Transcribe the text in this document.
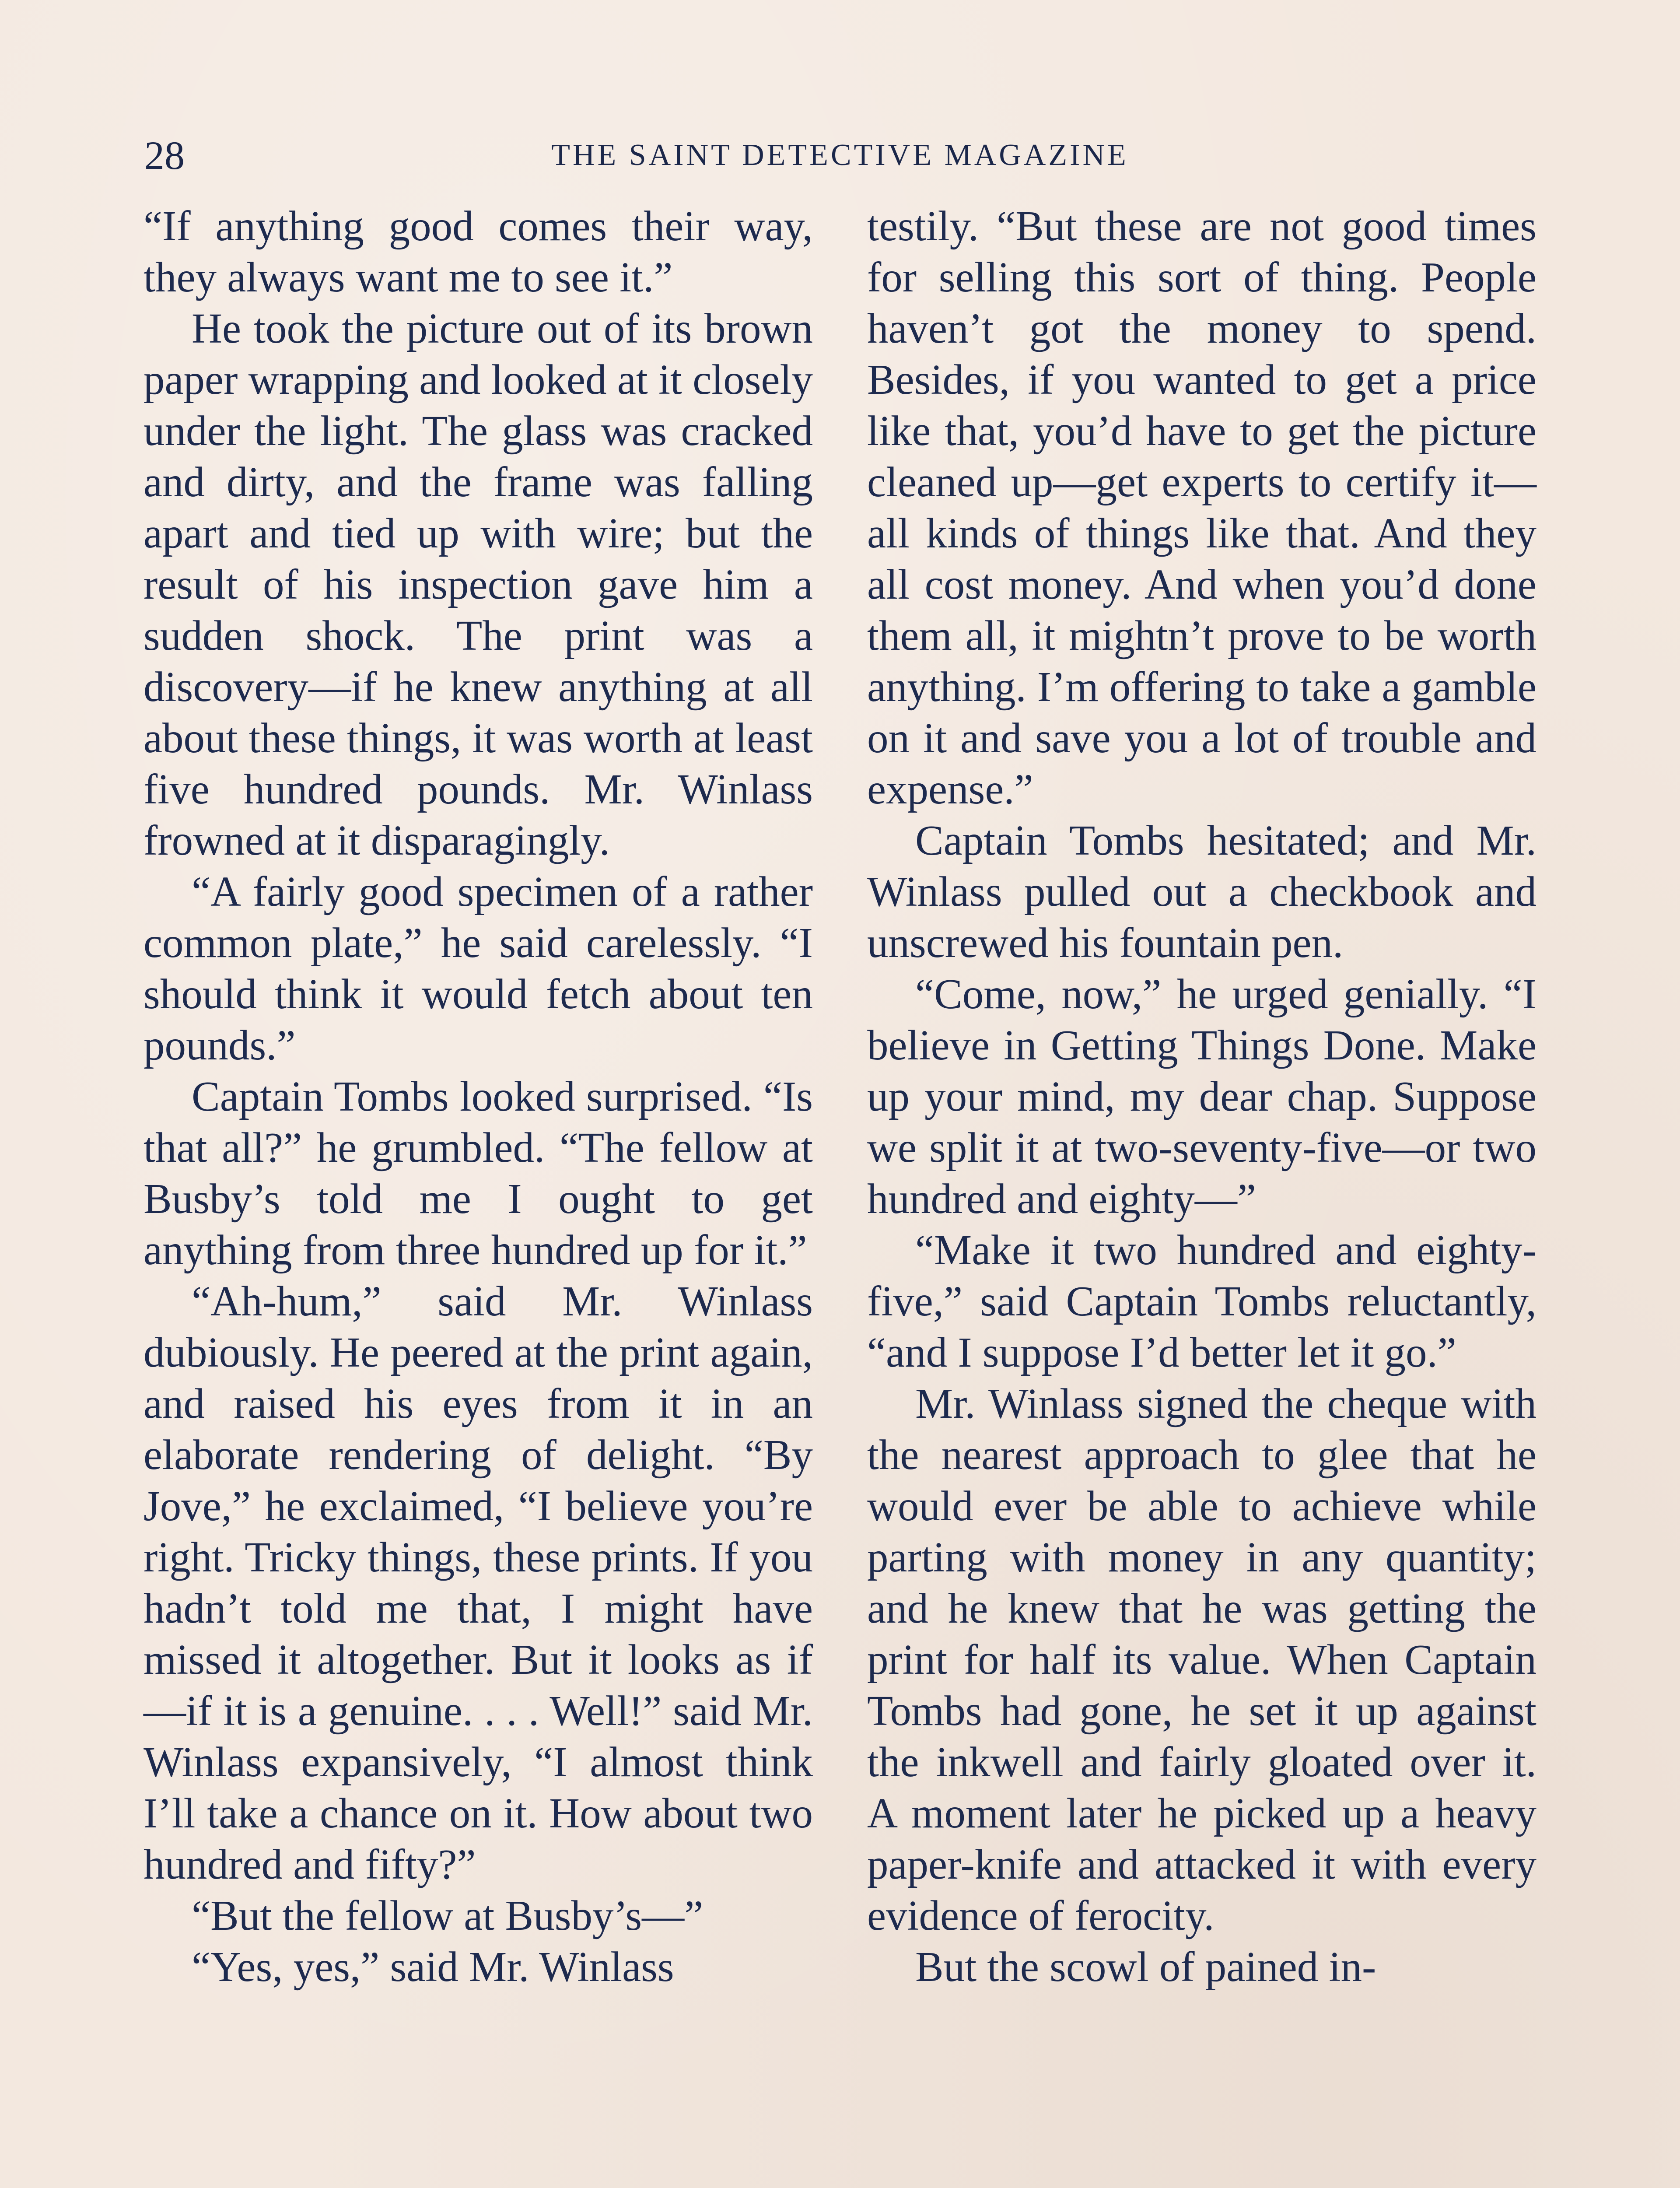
28	THE SAINT DETECTIVE MAGAZINE

“If anything good comes their way, they always want me to see it.”

He took the picture out of its brown paper wrapping and looked at it closely under the light. The glass was cracked and dirty, and the frame was falling apart and tied up with wire; but the result of his inspection gave him a sudden shock. The print was a discovery—if he knew anything at all about these things, it was worth at least five hundred pounds. Mr. Winlass frowned at it disparagingly.

“A fairly good specimen of a rather common plate,” he said carelessly. “I should think it would fetch about ten pounds.”

Captain Tombs looked surprised. “Is that all?” he grumbled. “The fellow at Busby’s told me I ought to get anything from three hundred up for it.”

“Ah-hum,” said Mr. Winlass dubiously. He peered at the print again, and raised his eyes from it in an elaborate rendering of delight. “By Jove,” he exclaimed, “I believe you’re right. Tricky things, these prints. If you hadn’t told me that, I might have missed it altogether. But it looks as if—if it is a genuine. . . . Well!” said Mr. Winlass expansively, “I almost think I’ll take a chance on it. How about two hundred and fifty?”

“But the fellow at Busby’s—”

“Yes, yes,” said Mr. Winlass

testily. “But these are not good times for selling this sort of thing. People haven’t got the money to spend. Besides, if you wanted to get a price like that, you’d have to get the picture cleaned up—get experts to certify it—all kinds of things like that. And they all cost money. And when you’d done them all, it mightn’t prove to be worth anything. I’m offering to take a gamble on it and save you a lot of trouble and expense.”

Captain Tombs hesitated; and Mr. Winlass pulled out a checkbook and unscrewed his fountain pen.

“Come, now,” he urged genially. “I believe in Getting Things Done. Make up your mind, my dear chap. Suppose we split it at two-seventy-five—or two hundred and eighty—”

“Make it two hundred and eighty-five,” said Captain Tombs reluctantly, “and I suppose I’d better let it go.”

Mr. Winlass signed the cheque with the nearest approach to glee that he would ever be able to achieve while parting with money in any quantity; and he knew that he was getting the print for half its value. When Captain Tombs had gone, he set it up against the inkwell and fairly gloated over it. A moment later he picked up a heavy paper-knife and attacked it with every evidence of ferocity.

But the scowl of pained in-
